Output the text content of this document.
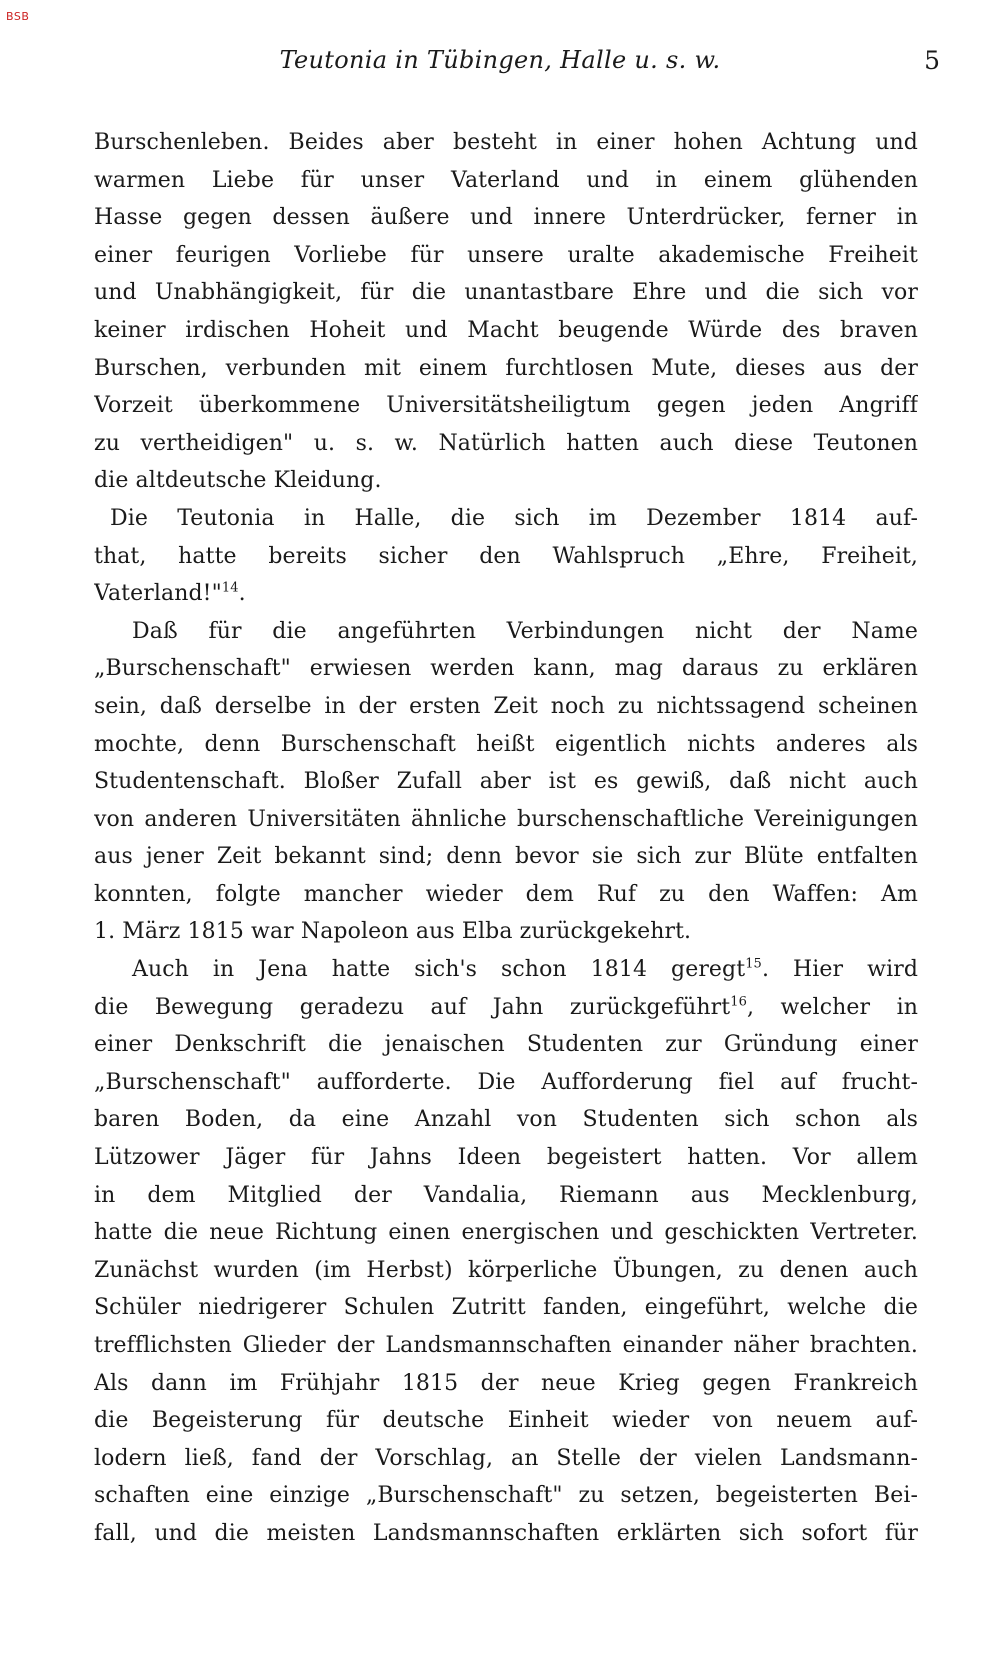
BSB
Teutonia in Tübingen, Halle u. s. w.	5
Burschenleben. Beides aber besteht in einer hohen Achtung und
warmen Liebe für unser Vaterland und in einem glühenden
Hasse gegen dessen äußere und innere Unterdrücker, ferner in
einer feurigen Vorliebe für unsere uralte akademische Freiheit
und Unabhängigkeit, für die unantastbare Ehre und die sich vor
keiner irdischen Hoheit und Macht beugende Würde des braven
Burschen, verbunden mit einem furchtlosen Mute, dieses aus der
Vorzeit überkommene Universitätsheiligtum gegen jeden Angriff
zu vertheidigen" u. s. w. Natürlich hatten auch diese Teutonen
die altdeutsche Kleidung.
Die Teutonia in Halle, die sich im Dezember 1814 auf-
that, hatte bereits sicher den Wahlspruch „Ehre, Freiheit,
Vaterland!"$^{14}$.
Daß für die angeführten Verbindungen nicht der Name
„Burschenschaft" erwiesen werden kann, mag daraus zu erklären
sein, daß derselbe in der ersten Zeit noch zu nichtssagend scheinen
mochte, denn Burschenschaft heißt eigentlich nichts anderes als
Studentenschaft. Bloßer Zufall aber ist es gewiß, daß nicht auch
von anderen Universitäten ähnliche burschenschaftliche Vereinigungen
aus jener Zeit bekannt sind; denn bevor sie sich zur Blüte entfalten
konnten, folgte mancher wieder dem Ruf zu den Waffen: Am
1. März 1815 war Napoleon aus Elba zurückgekehrt.
Auch in Jena hatte sich's schon 1814 geregt$^{15}$. Hier wird
die Bewegung geradezu auf Jahn zurückgeführt$^{16}$, welcher in
einer Denkschrift die jenaischen Studenten zur Gründung einer
„Burschenschaft" aufforderte. Die Aufforderung fiel auf frucht-
baren Boden, da eine Anzahl von Studenten sich schon als
Lützower Jäger für Jahns Ideen begeistert hatten. Vor allem
in dem Mitglied der Vandalia, Riemann aus Mecklenburg,
hatte die neue Richtung einen energischen und geschickten Vertreter.
Zunächst wurden (im Herbst) körperliche Übungen, zu denen auch
Schüler niedrigerer Schulen Zutritt fanden, eingeführt, welche die
trefflichsten Glieder der Landsmannschaften einander näher brachten.
Als dann im Frühjahr 1815 der neue Krieg gegen Frankreich
die Begeisterung für deutsche Einheit wieder von neuem auf-
lodern ließ, fand der Vorschlag, an Stelle der vielen Landsmann-
schaften eine einzige „Burschenschaft" zu setzen, begeisterten Bei-
fall, und die meisten Landsmannschaften erklärten sich sofort für
